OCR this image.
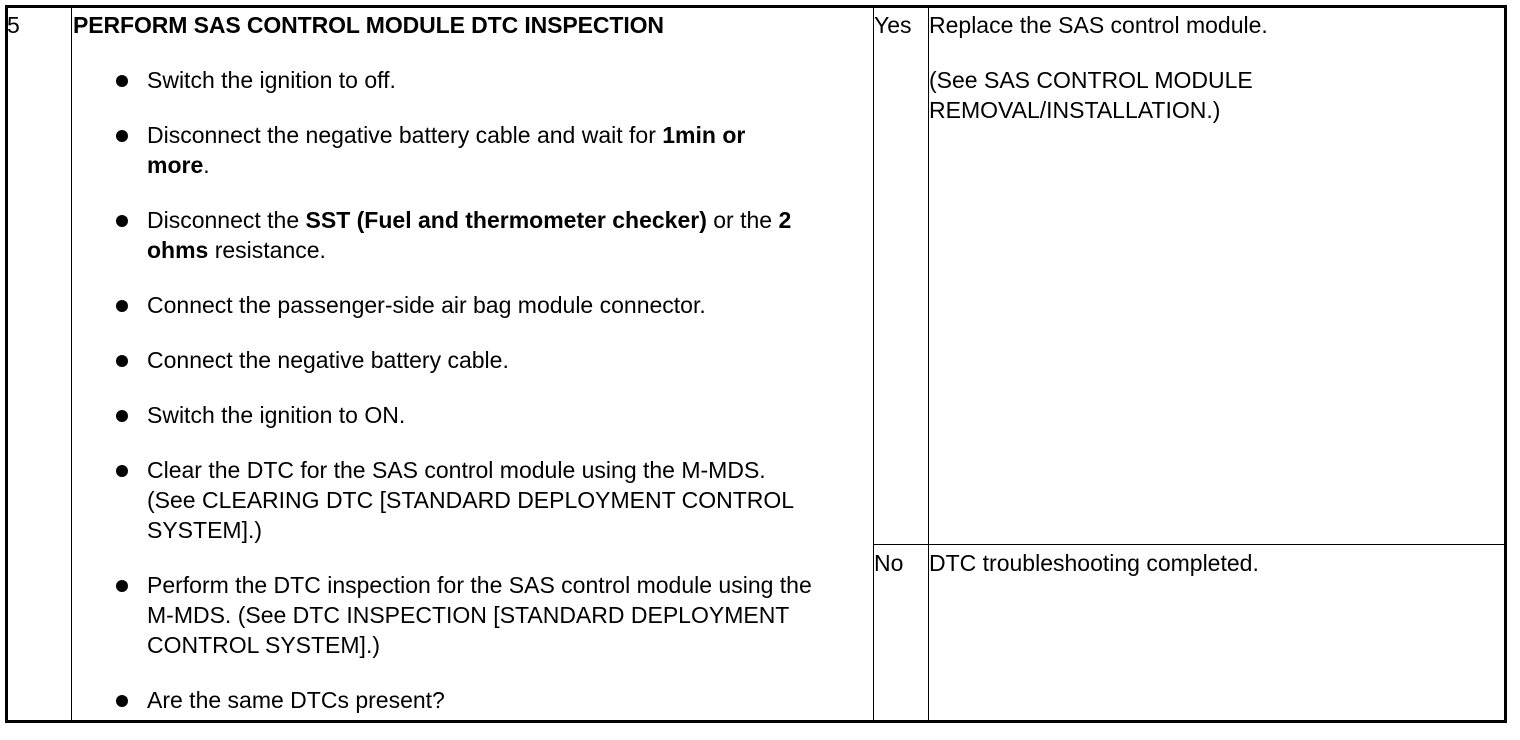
5 PERFORM SAS CONTROL MODULE DTC INSPECTION
Switch the ignition to off.
Disconnect the negative battery cable and wait for 1min or more.
Disconnect the SST (Fuel and thermometer checker) or the 2 ohms resistance.
Connect the passenger-side air bag module connector.
Connect the negative battery cable.
Switch the ignition to ON.
Clear the DTC for the SAS control module using the M-MDS. (See CLEARING DTC [STANDARD DEPLOYMENT CONTROL SYSTEM].)
Perform the DTC inspection for the SAS control module using the M-MDS. (See DTC INSPECTION [STANDARD DEPLOYMENT CONTROL SYSTEM].)
Are the same DTCs present?
Yes Replace the SAS control module.

(See SAS CONTROL MODULE REMOVAL/INSTALLATION.)

No DTC troubleshooting completed.
